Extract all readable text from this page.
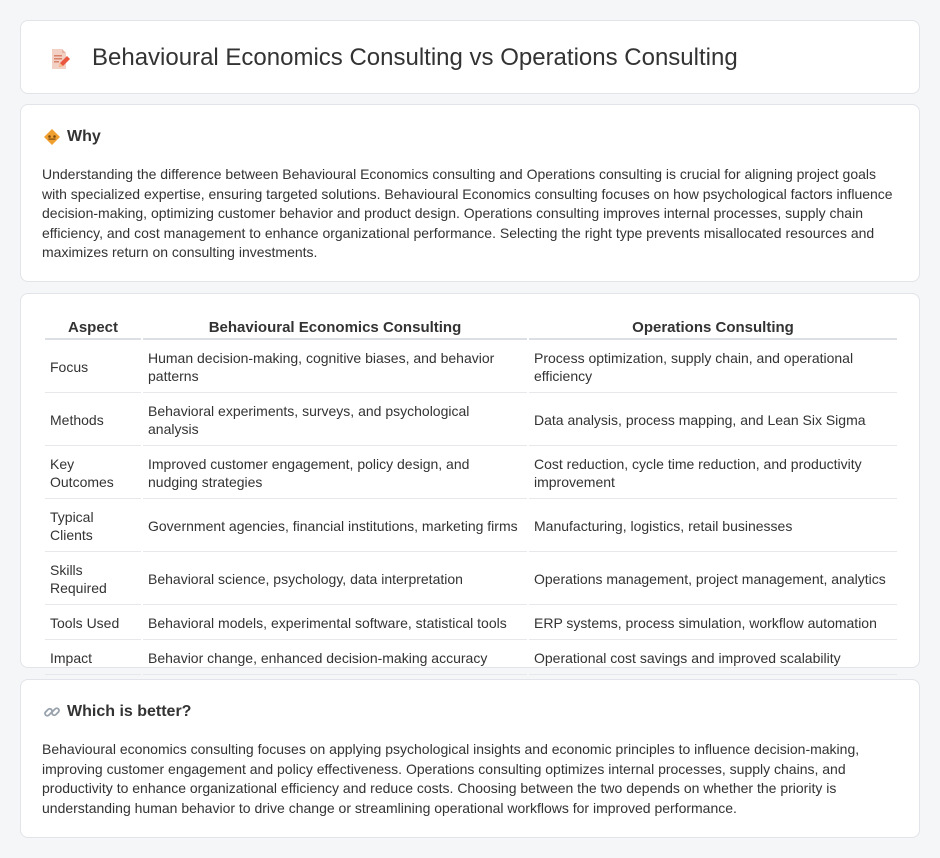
Behavioural Economics Consulting vs Operations Consulting
Why

Understanding the difference between Behavioural Economics consulting and Operations consulting is crucial for aligning project goals with specialized expertise, ensuring targeted solutions. Behavioural Economics consulting focuses on how psychological factors influence decision-making, optimizing customer behavior and product design. Operations consulting improves internal processes, supply chain efficiency, and cost management to enhance organizational performance. Selecting the right type prevents misallocated resources and maximizes return on consulting investments.

Aspect	Behavioural Economics Consulting	Operations Consulting
Focus	Human decision-making, cognitive biases, and behavior patterns	Process optimization, supply chain, and operational efficiency
Methods	Behavioral experiments, surveys, and psychological analysis	Data analysis, process mapping, and Lean Six Sigma
Key Outcomes	Improved customer engagement, policy design, and nudging strategies	Cost reduction, cycle time reduction, and productivity improvement
Typical Clients	Government agencies, financial institutions, marketing firms	Manufacturing, logistics, retail businesses
Skills Required	Behavioral science, psychology, data interpretation	Operations management, project management, analytics
Tools Used	Behavioral models, experimental software, statistical tools	ERP systems, process simulation, workflow automation
Impact	Behavior change, enhanced decision-making accuracy	Operational cost savings and improved scalability
Which is better?

Behavioural economics consulting focuses on applying psychological insights and economic principles to influence decision-making, improving customer engagement and policy effectiveness. Operations consulting optimizes internal processes, supply chains, and productivity to enhance organizational efficiency and reduce costs. Choosing between the two depends on whether the priority is understanding human behavior to drive change or streamlining operational workflows for improved performance.
